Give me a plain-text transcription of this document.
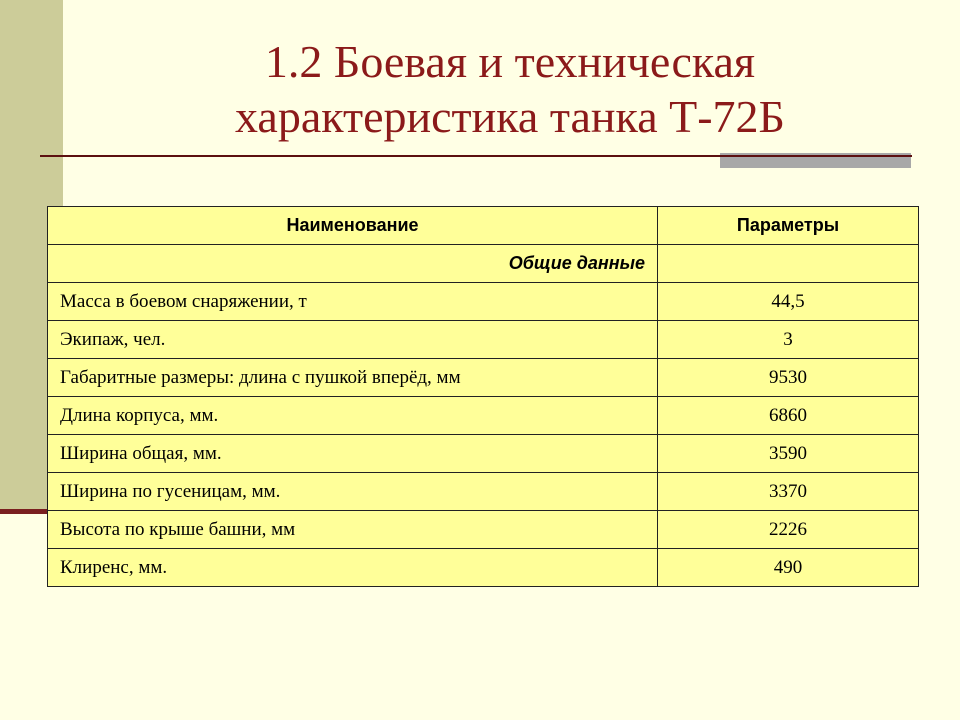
1.2 Боевая и техническая характеристика танка Т-72Б
Наименование	Параметры
Общие данные	
Масса в боевом снаряжении, т	44,5
Экипаж, чел.	3
Габаритные размеры: длина с пушкой вперёд, мм	9530
Длина корпуса, мм.	6860
Ширина общая, мм.	3590
Ширина по гусеницам, мм.	3370
Высота по крыше башни, мм	2226
Клиренс, мм.	490
